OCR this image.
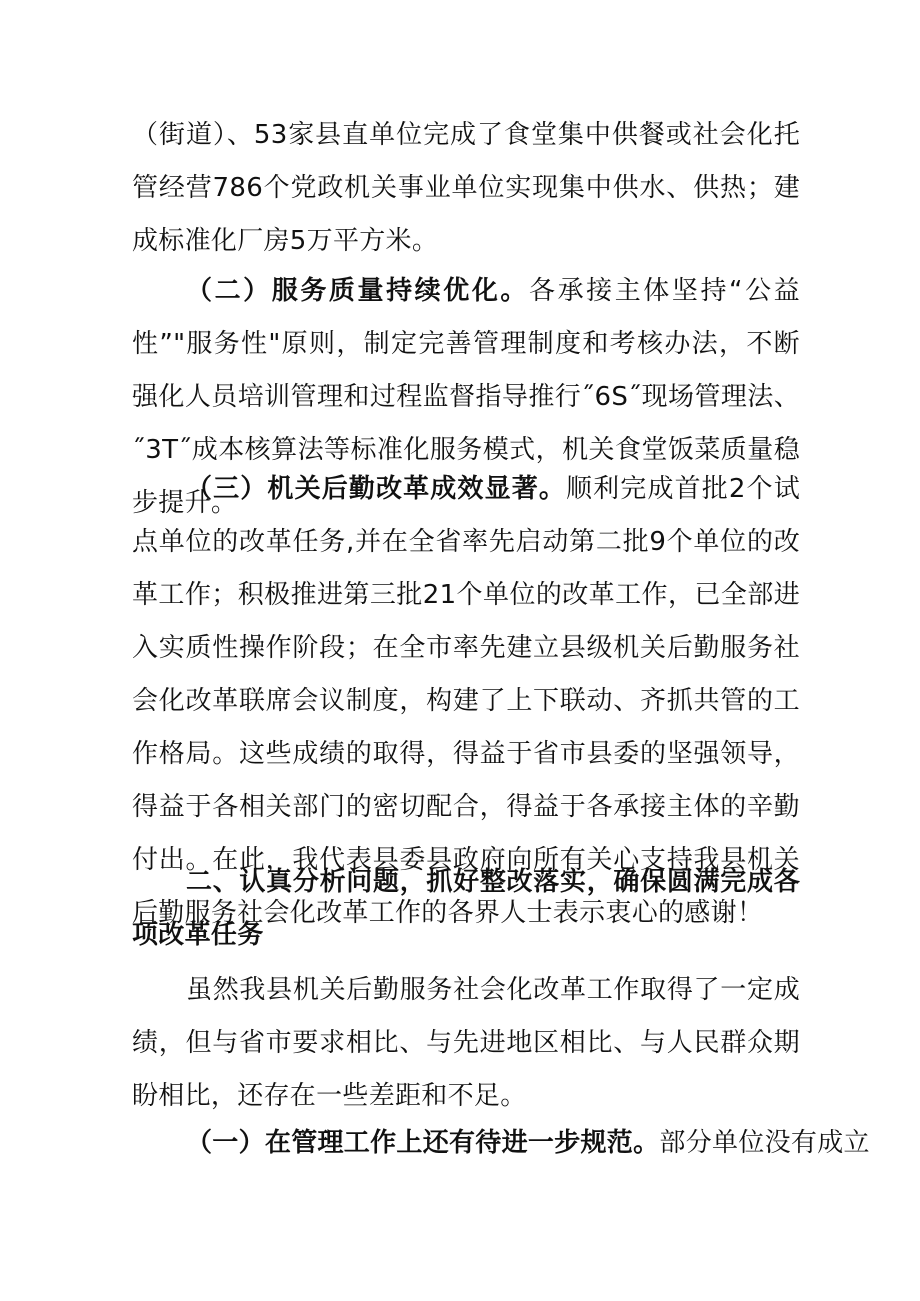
（街道）、53家县直单位完成了食堂集中供餐或社会化托管经营786个党政机关事业单位实现集中供水、供热；建成标准化厂房5万平方米。

（二）服务质量持续优化。各承接主体坚持“公益性”"服务性"原则，制定完善管理制度和考核办法，不断强化人员培训管理和过程监督指导推行˝6S˝现场管理法、˝3T˝成本核算法等标准化服务模式，机关食堂饭菜质量稳步提升。

（三）机关后勤改革成效显著。顺利完成首批2个试点单位的改革任务,并在全省率先启动第二批9个单位的改革工作；积极推进第三批21个单位的改革工作，已全部进入实质性操作阶段；在全市率先建立县级机关后勤服务社会化改革联席会议制度，构建了上下联动、齐抓共管的工作格局。这些成绩的取得，得益于省市县委的坚强领导，得益于各相关部门的密切配合，得益于各承接主体的辛勤付出。在此，我代表县委县政府向所有关心支持我县机关后勤服务社会化改革工作的各界人士表示衷心的感谢！

二、认真分析问题，抓好整改落实，确保圆满完成各项改革任务

虽然我县机关后勤服务社会化改革工作取得了一定成绩，但与省市要求相比、与先进地区相比、与人民群众期盼相比，还存在一些差距和不足。

（一）在管理工作上还有待进一步规范。部分单位没有成立
